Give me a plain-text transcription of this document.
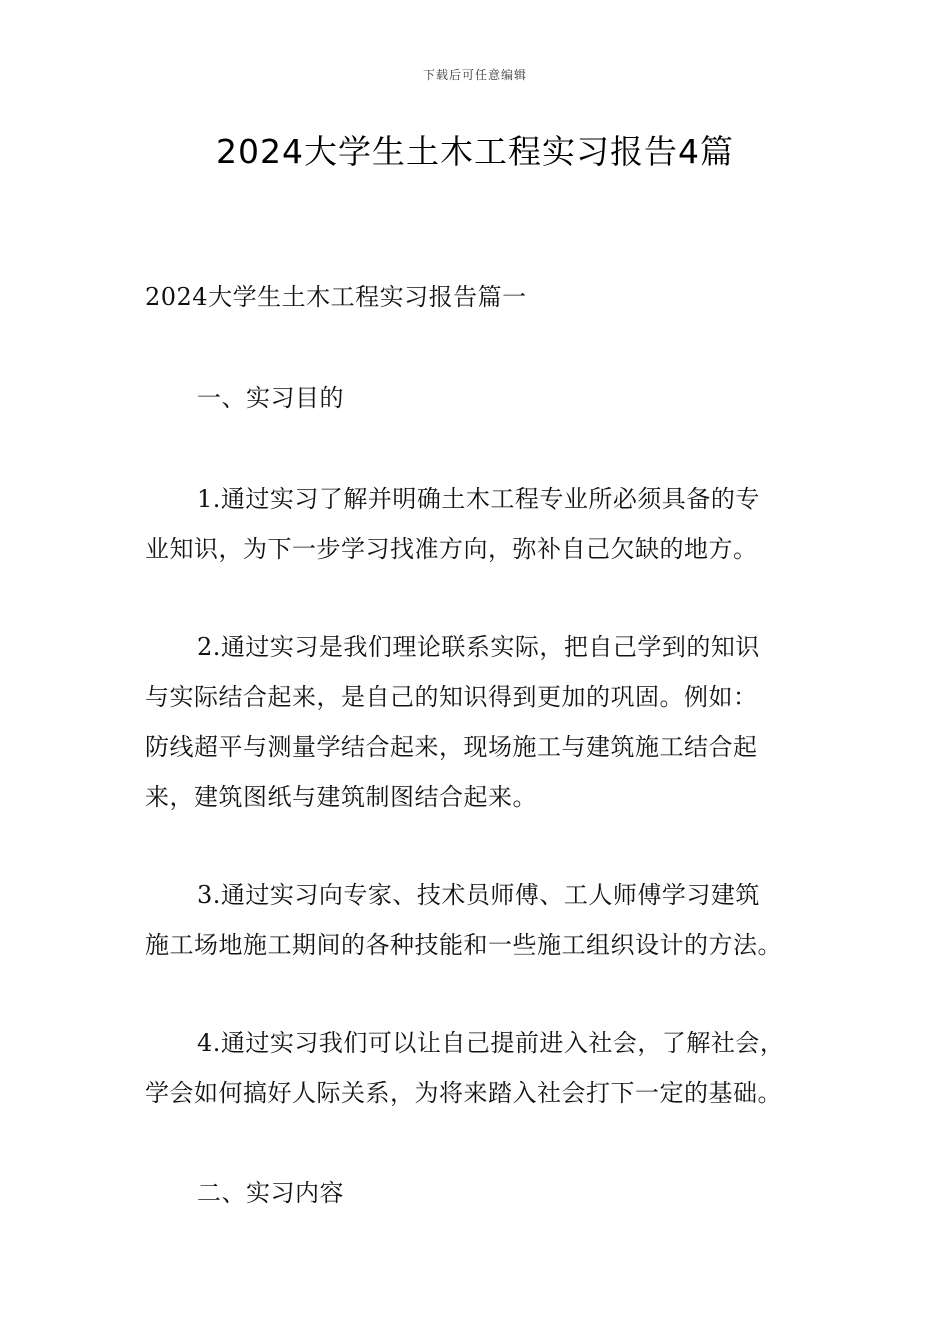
下载后可任意编辑
2024大学生土木工程实习报告4篇

2024大学生土木工程实习报告篇一

一、实习目的

1.通过实习了解并明确土木工程专业所必须具备的专
业知识，为下一步学习找准方向，弥补自己欠缺的地方。
2.通过实习是我们理论联系实际，把自己学到的知识
与实际结合起来，是自己的知识得到更加的巩固。例如：
防线超平与测量学结合起来，现场施工与建筑施工结合起
来，建筑图纸与建筑制图结合起来。
3.通过实习向专家、技术员师傅、工人师傅学习建筑
施工场地施工期间的各种技能和一些施工组织设计的方法。
4.通过实习我们可以让自己提前进入社会，了解社会，
学会如何搞好人际关系，为将来踏入社会打下一定的基础。

二、实习内容
